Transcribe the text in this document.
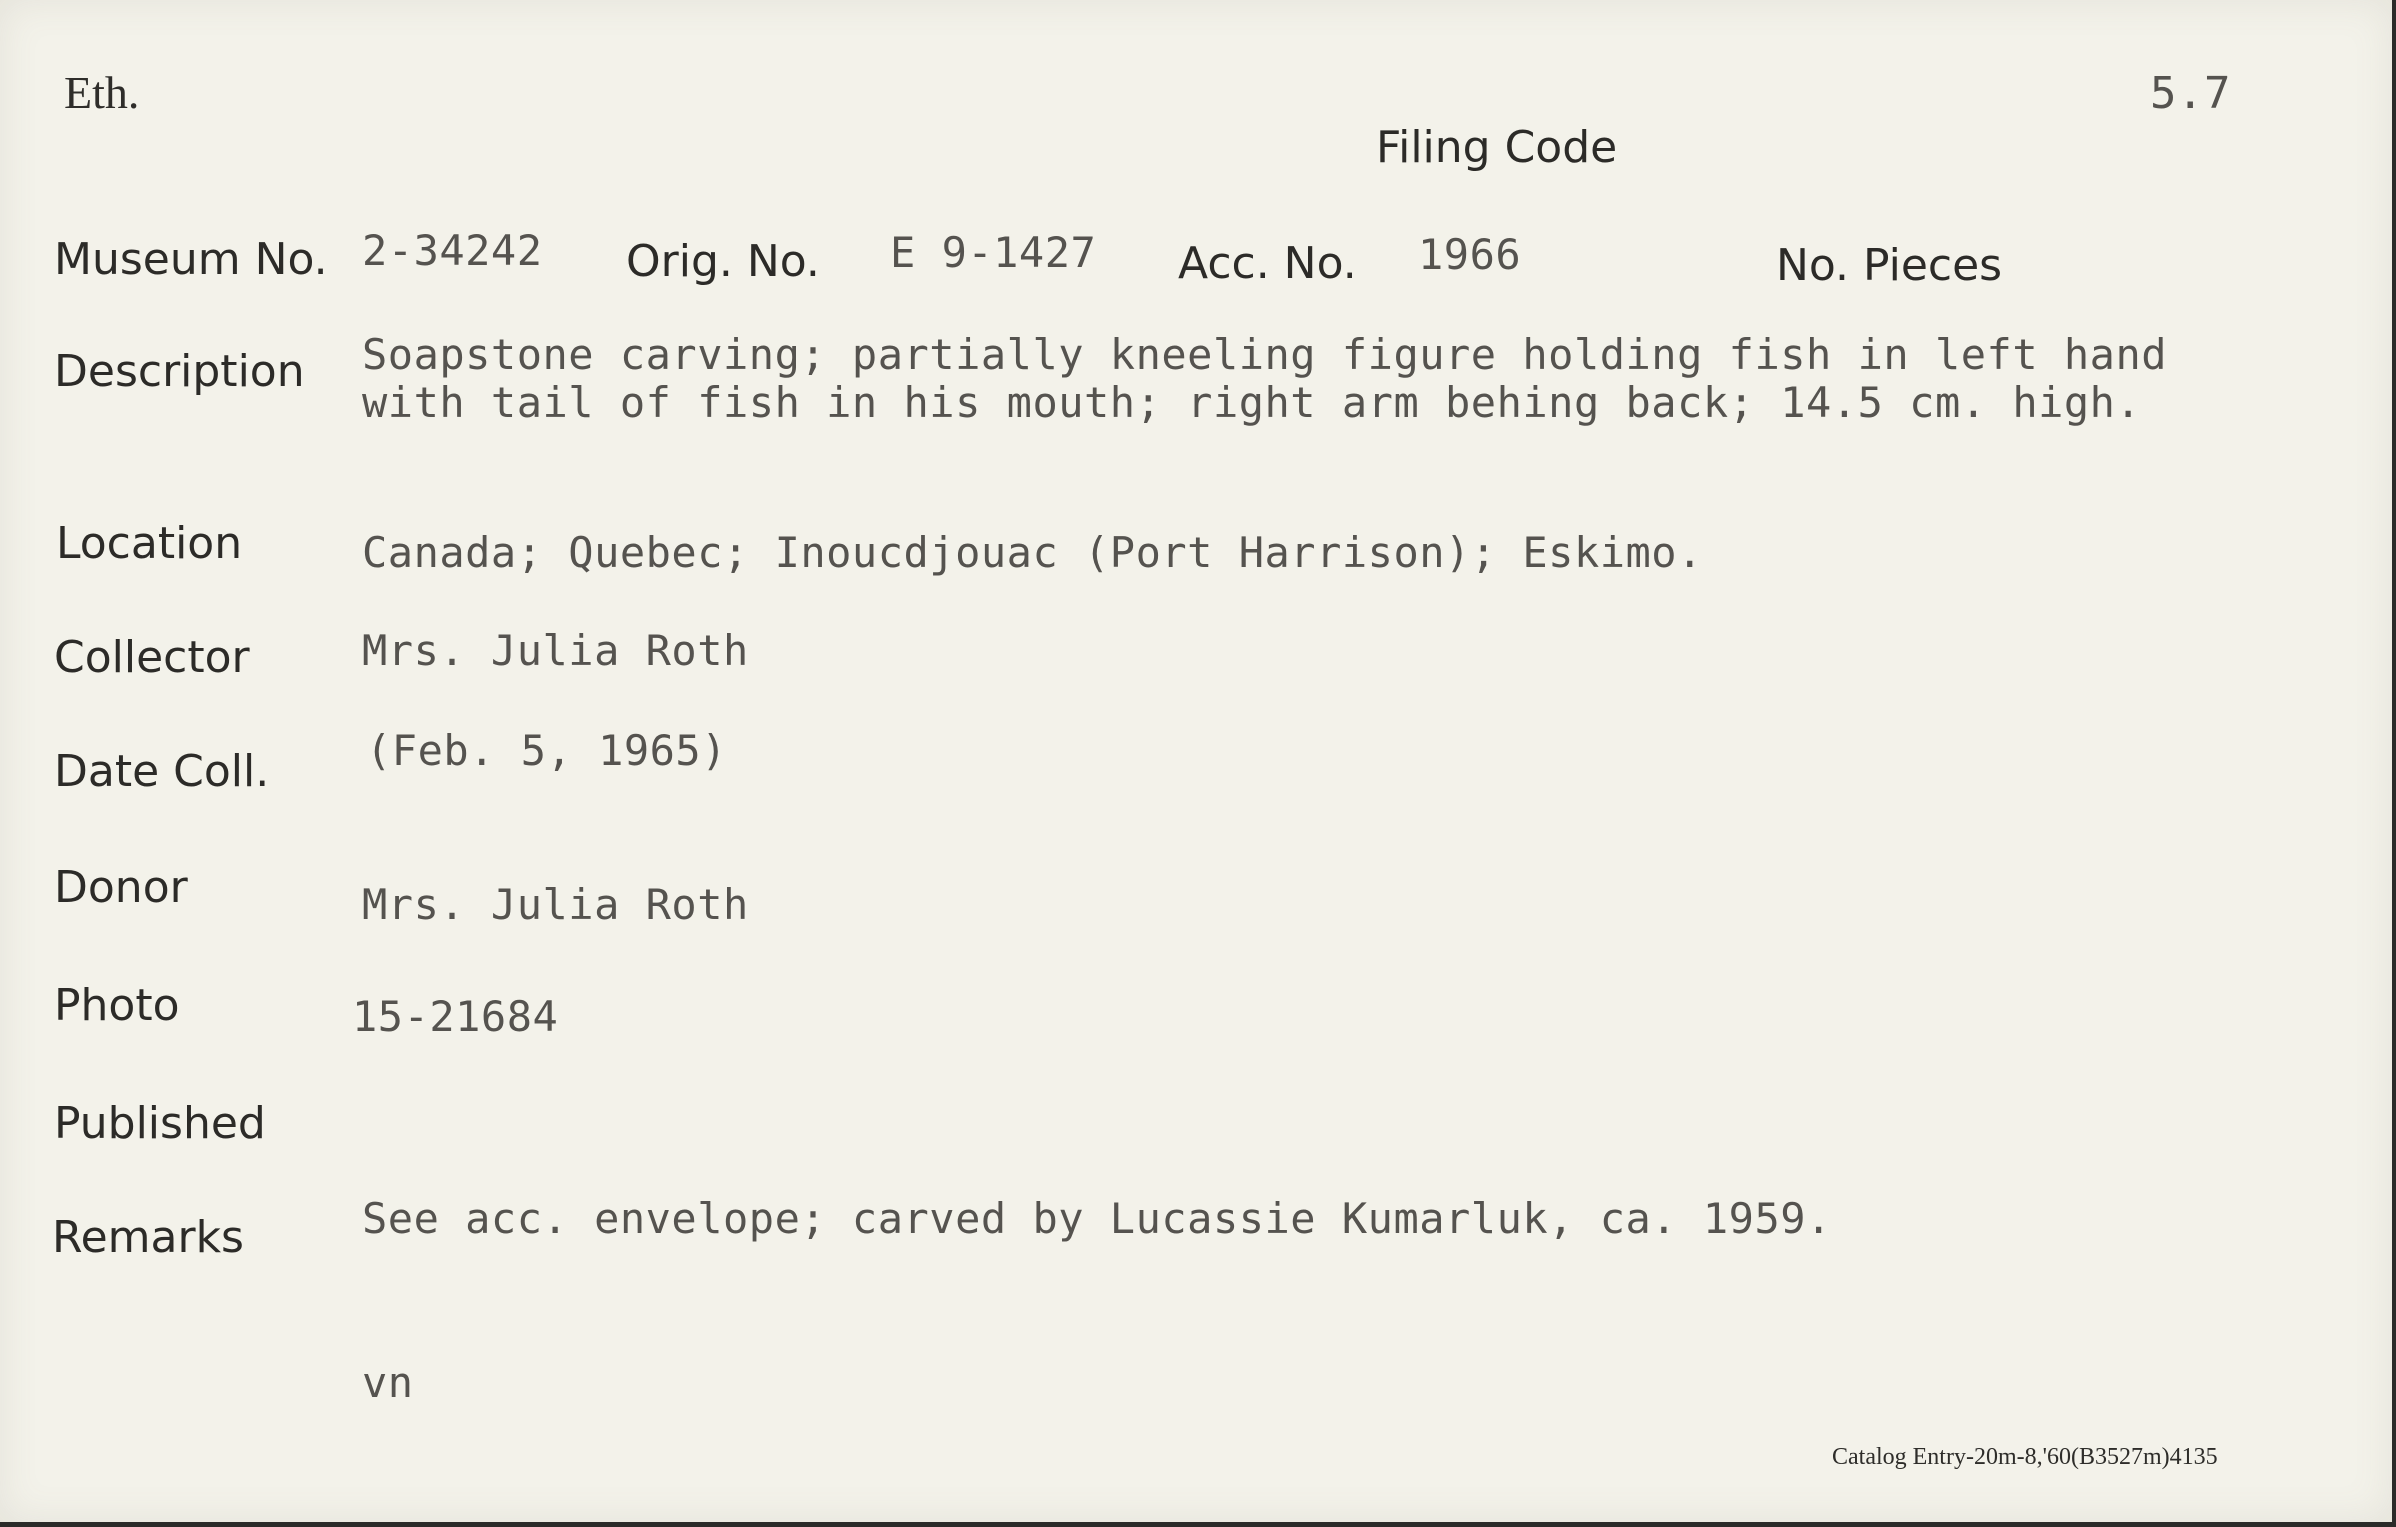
Eth.	5.7
Filing Code
Museum No. 2-34242 Orig. No. E 9-1427 Acc. No. 1966	No. Pieces
Description Soapstone carving; partially kneeling figure holding fish in left hand
with tail of fish in his mouth; right arm behing back; 14.5 cm. high.
Location	Canada; Quebec; Inoucdjouac (Port Harrison); Eskimo.
Collector	Mrs. Julia Roth
Date Coll. (Feb. 5, 1965)
Donor	Mrs. Julia Roth
Photo	15-21684
Published
Remarks	See acc. envelope; carved by Lucassie Kumarluk, ca. 1959.
vn
Catalog Entry-20m-8,'60(B3527m)4135
